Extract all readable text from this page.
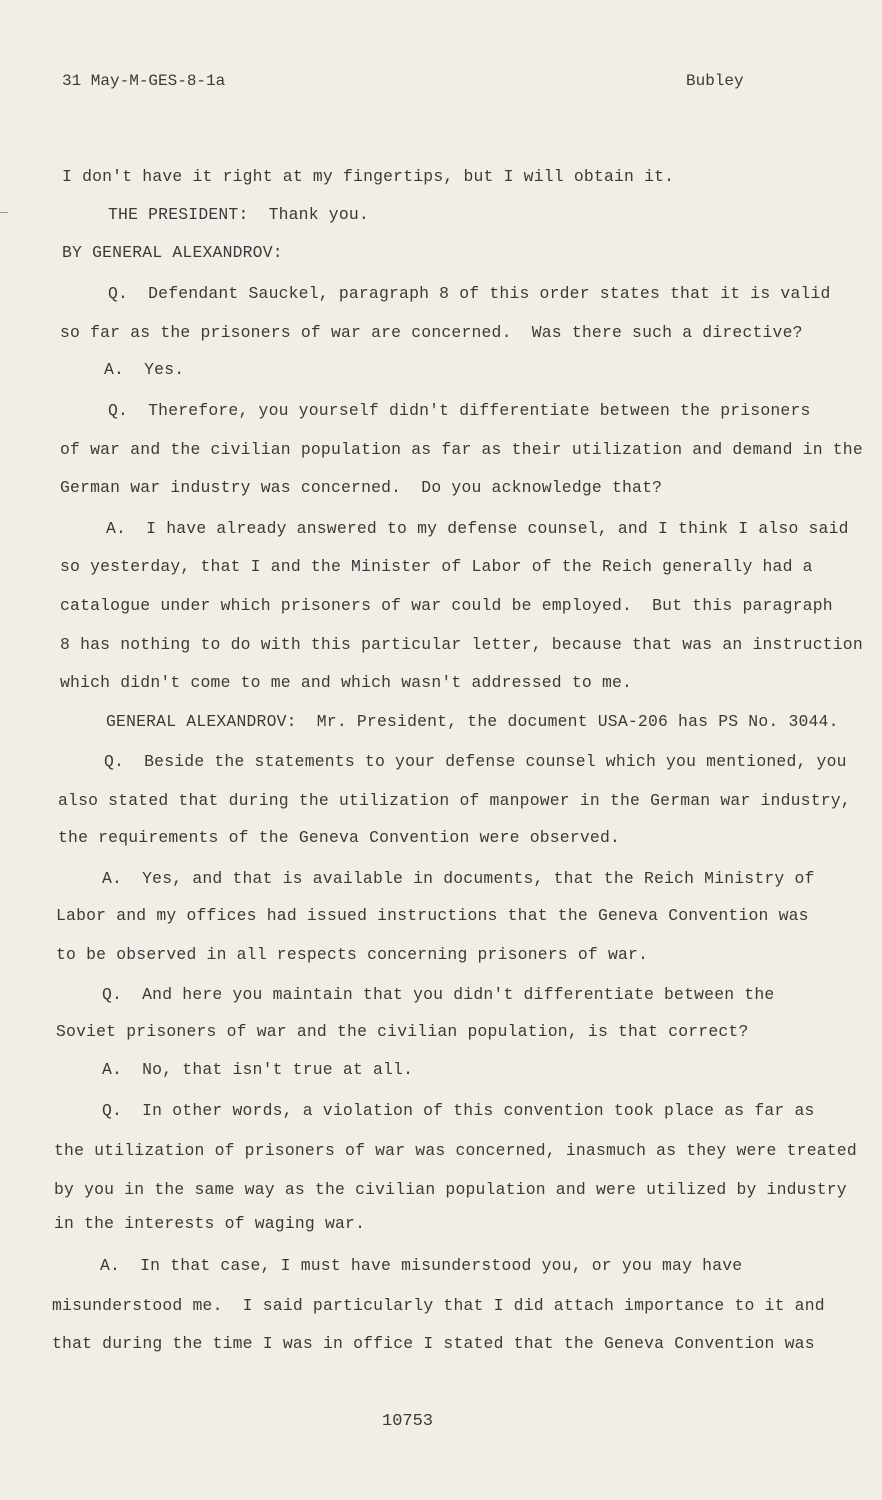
31 May-M-GES-8-1a	Bubley
I don't have it right at my fingertips, but I will obtain it.
THE PRESIDENT:  Thank you.
BY GENERAL ALEXANDROV:
Q.  Defendant Sauckel, paragraph 8 of this order states that it is valid
so far as the prisoners of war are concerned.  Was there such a directive?
A.  Yes.
Q.  Therefore, you yourself didn't differentiate between the prisoners
of war and the civilian population as far as their utilization and demand in the
German war industry was concerned.  Do you acknowledge that?
A.  I have already answered to my defense counsel, and I think I also said
so yesterday, that I and the Minister of Labor of the Reich generally had a
catalogue under which prisoners of war could be employed.  But this paragraph
8 has nothing to do with this particular letter, because that was an instruction
which didn't come to me and which wasn't addressed to me.
GENERAL ALEXANDROV:  Mr. President, the document USA-206 has PS No. 3044.
Q.  Beside the statements to your defense counsel which you mentioned, you
also stated that during the utilization of manpower in the German war industry,
the requirements of the Geneva Convention were observed.
A.  Yes, and that is available in documents, that the Reich Ministry of
Labor and my offices had issued instructions that the Geneva Convention was
to be observed in all respects concerning prisoners of war.
Q.  And here you maintain that you didn't differentiate between the
Soviet prisoners of war and the civilian population, is that correct?
A.  No, that isn't true at all.
Q.  In other words, a violation of this convention took place as far as
the utilization of prisoners of war was concerned, inasmuch as they were treated
by you in the same way as the civilian population and were utilized by industry
in the interests of waging war.
A.  In that case, I must have misunderstood you, or you may have
misunderstood me.  I said particularly that I did attach importance to it and
that during the time I was in office I stated that the Geneva Convention was
10753
